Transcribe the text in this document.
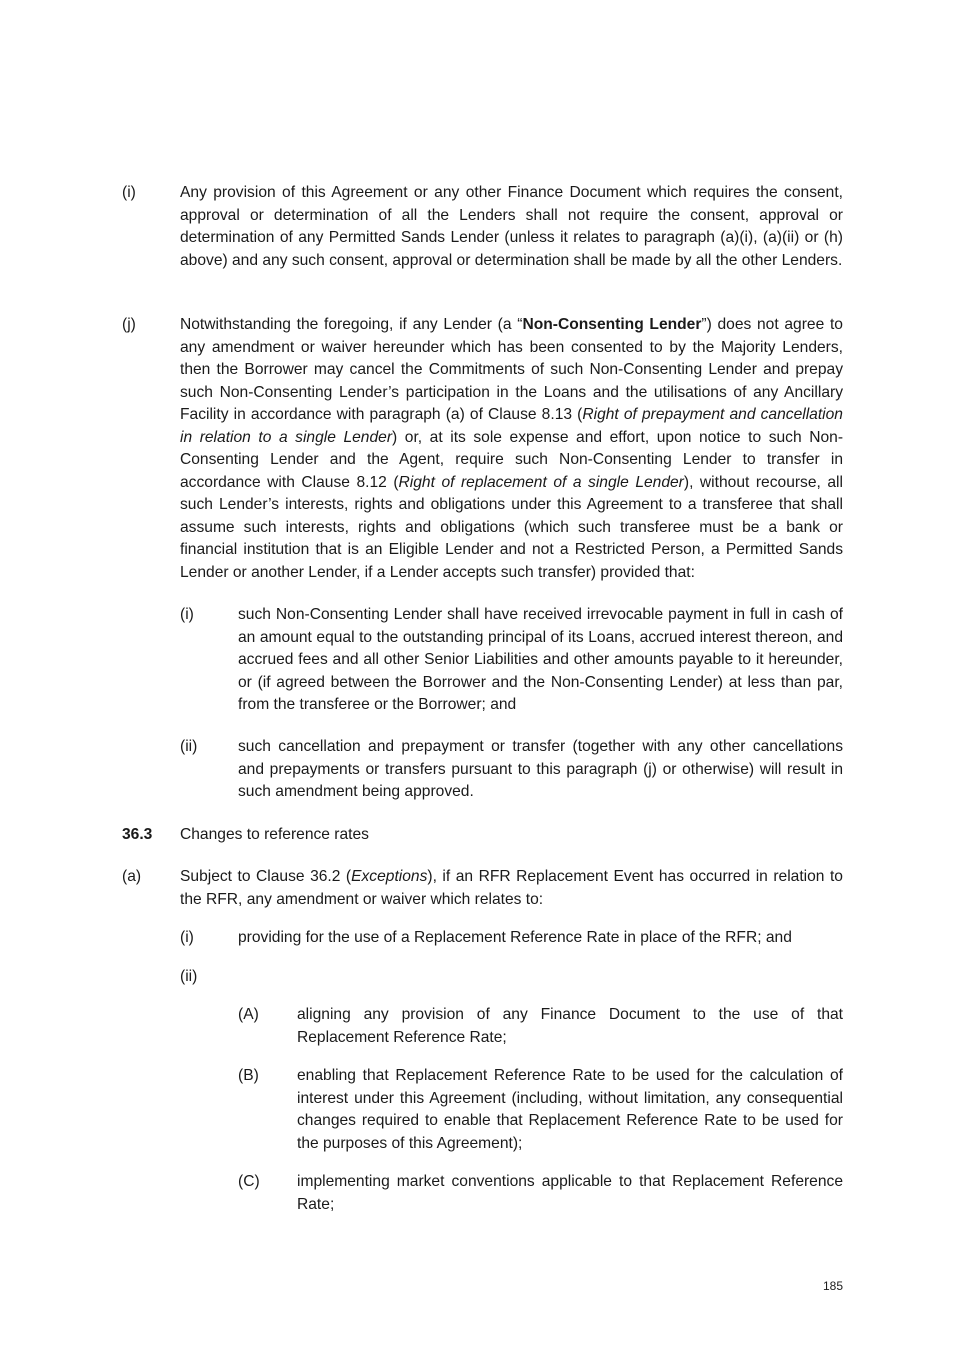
(i)	Any provision of this Agreement or any other Finance Document which requires the consent, approval or determination of all the Lenders shall not require the consent, approval or determination of any Permitted Sands Lender (unless it relates to paragraph (a)(i), (a)(ii) or (h) above) and any such consent, approval or determination shall be made by all the other Lenders.
(j)	Notwithstanding the foregoing, if any Lender (a “Non-Consenting Lender”) does not agree to any amendment or waiver hereunder which has been consented to by the Majority Lenders, then the Borrower may cancel the Commitments of such Non-Consenting Lender and prepay such Non-Consenting Lender’s participation in the Loans and the utilisations of any Ancillary Facility in accordance with paragraph (a) of Clause 8.13 (Right of prepayment and cancellation in relation to a single Lender) or, at its sole expense and effort, upon notice to such Non-Consenting Lender and the Agent, require such Non-Consenting Lender to transfer in accordance with Clause 8.12 (Right of replacement of a single Lender), without recourse, all such Lender’s interests, rights and obligations under this Agreement to a transferee that shall assume such interests, rights and obligations (which such transferee must be a bank or financial institution that is an Eligible Lender and not a Restricted Person, a Permitted Sands Lender or another Lender, if a Lender accepts such transfer) provided that:
(i)	such Non-Consenting Lender shall have received irrevocable payment in full in cash of an amount equal to the outstanding principal of its Loans, accrued interest thereon, and accrued fees and all other Senior Liabilities and other amounts payable to it hereunder, or (if agreed between the Borrower and the Non-Consenting Lender) at less than par, from the transferee or the Borrower; and
(ii)	such cancellation and prepayment or transfer (together with any other cancellations and prepayments or transfers pursuant to this paragraph (j) or otherwise) will result in such amendment being approved.
36.3 Changes to reference rates
(a) Subject to Clause 36.2 (Exceptions), if an RFR Replacement Event has occurred in relation to the RFR, any amendment or waiver which relates to:
(i)	providing for the use of a Replacement Reference Rate in place of the RFR; and
(ii)
(A) aligning any provision of any Finance Document to the use of that Replacement Reference Rate;
(B) enabling that Replacement Reference Rate to be used for the calculation of interest under this Agreement (including, without limitation, any consequential changes required to enable that Replacement Reference Rate to be used for the purposes of this Agreement);
(C) implementing market conventions applicable to that Replacement Reference Rate;
185
